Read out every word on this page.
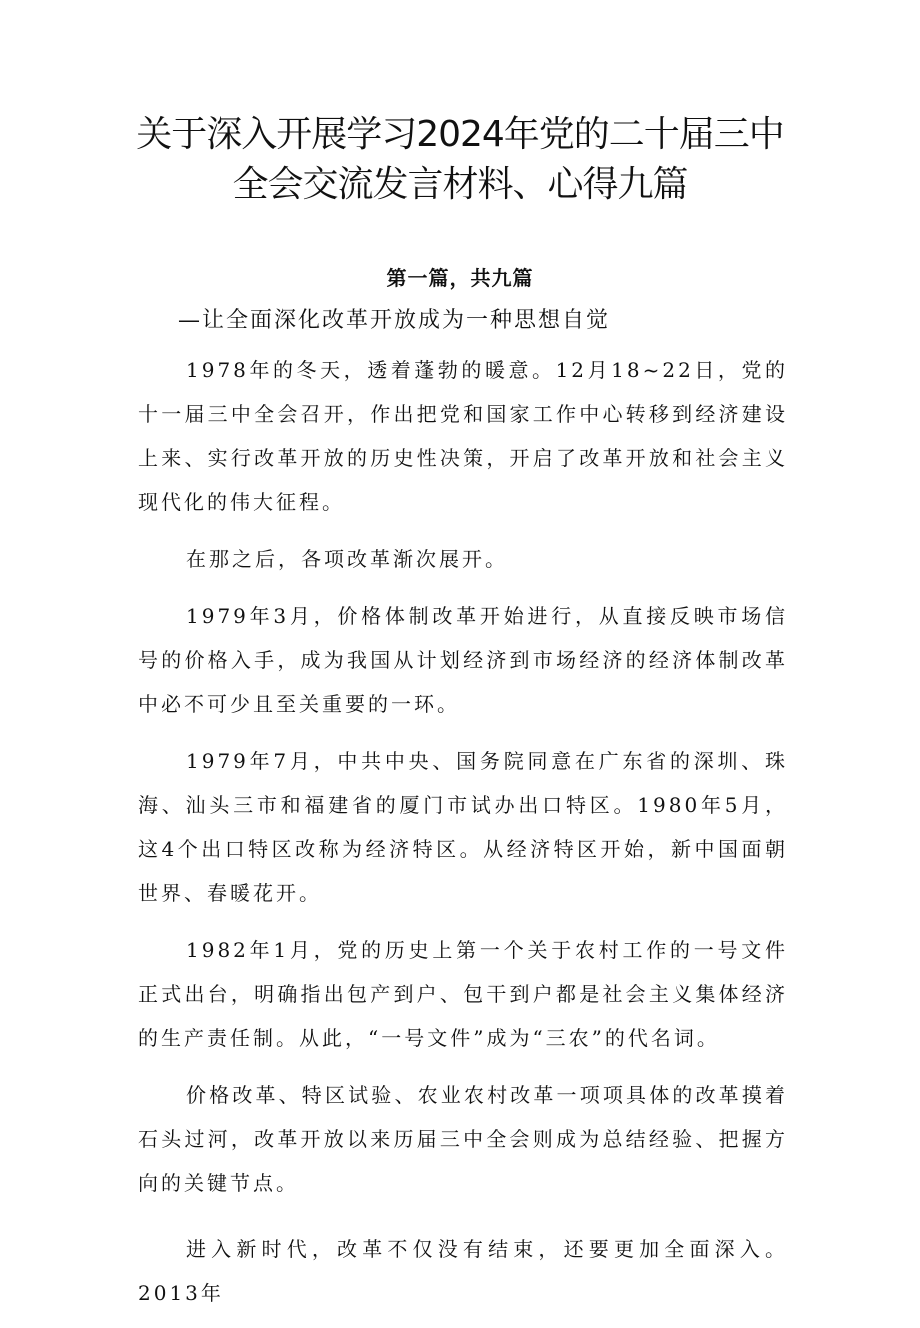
关于深入开展学习2024年党的二十届三中
全会交流发言材料、心得九篇
第一篇，共九篇
—让全面深化改革开放成为一种思想自觉

1978年的冬天，透着蓬勃的暖意。12月18~22日，党的十一届三中全会召开，作出把党和国家工作中心转移到经济建设上来、实行改革开放的历史性决策，开启了改革开放和社会主义现代化的伟大征程。

在那之后，各项改革渐次展开。

1979年3月，价格体制改革开始进行，从直接反映市场信号的价格入手，成为我国从计划经济到市场经济的经济体制改革中必不可少且至关重要的一环。

1979年7月，中共中央、国务院同意在广东省的深圳、珠海、汕头三市和福建省的厦门市试办出口特区。1980年5月，这4个出口特区改称为经济特区。从经济特区开始，新中国面朝世界、春暖花开。

1982年1月，党的历史上第一个关于农村工作的一号文件正式出台，明确指出包产到户、包干到户都是社会主义集体经济的生产责任制。从此，“一号文件”成为“三农”的代名词。

价格改革、特区试验、农业农村改革一项项具体的改革摸着石头过河，改革开放以来历届三中全会则成为总结经验、把握方向的关键节点。

进入新时代，改革不仅没有结束，还要更加全面深入。2013年
